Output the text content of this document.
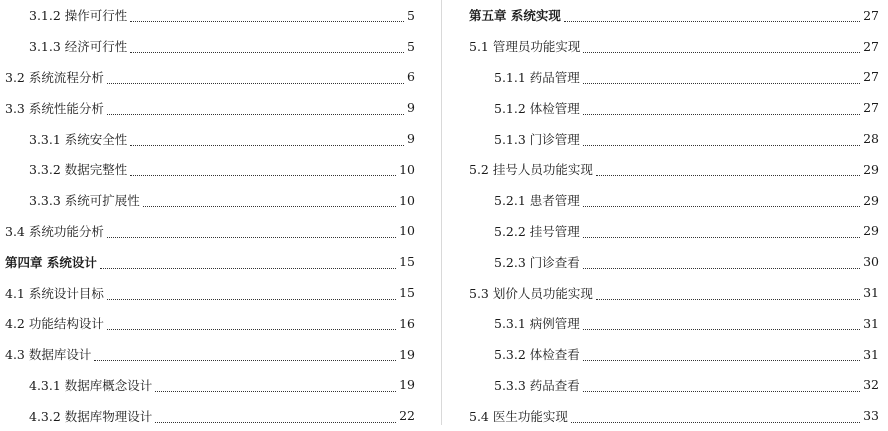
3.1.2 操作可行性	5
3.1.3 经济可行性	5
3.2 系统流程分析	6
3.3 系统性能分析	9
3.3.1 系统安全性	9
3.3.2 数据完整性	10
3.3.3 系统可扩展性	10
3.4 系统功能分析	10
第四章 系统设计	15
4.1 系统设计目标	15
4.2 功能结构设计	16
4.3 数据库设计	19
4.3.1 数据库概念设计	19
4.3.2 数据库物理设计	22
第五章 系统实现	27
5.1 管理员功能实现	27
5.1.1 药品管理	27
5.1.2 体检管理	27
5.1.3 门诊管理	28
5.2 挂号人员功能实现	29
5.2.1 患者管理	29
5.2.2 挂号管理	29
5.2.3 门诊查看	30
5.3 划价人员功能实现	31
5.3.1 病例管理	31
5.3.2 体检查看	31
5.3.3 药品查看	32
5.4 医生功能实现	33
